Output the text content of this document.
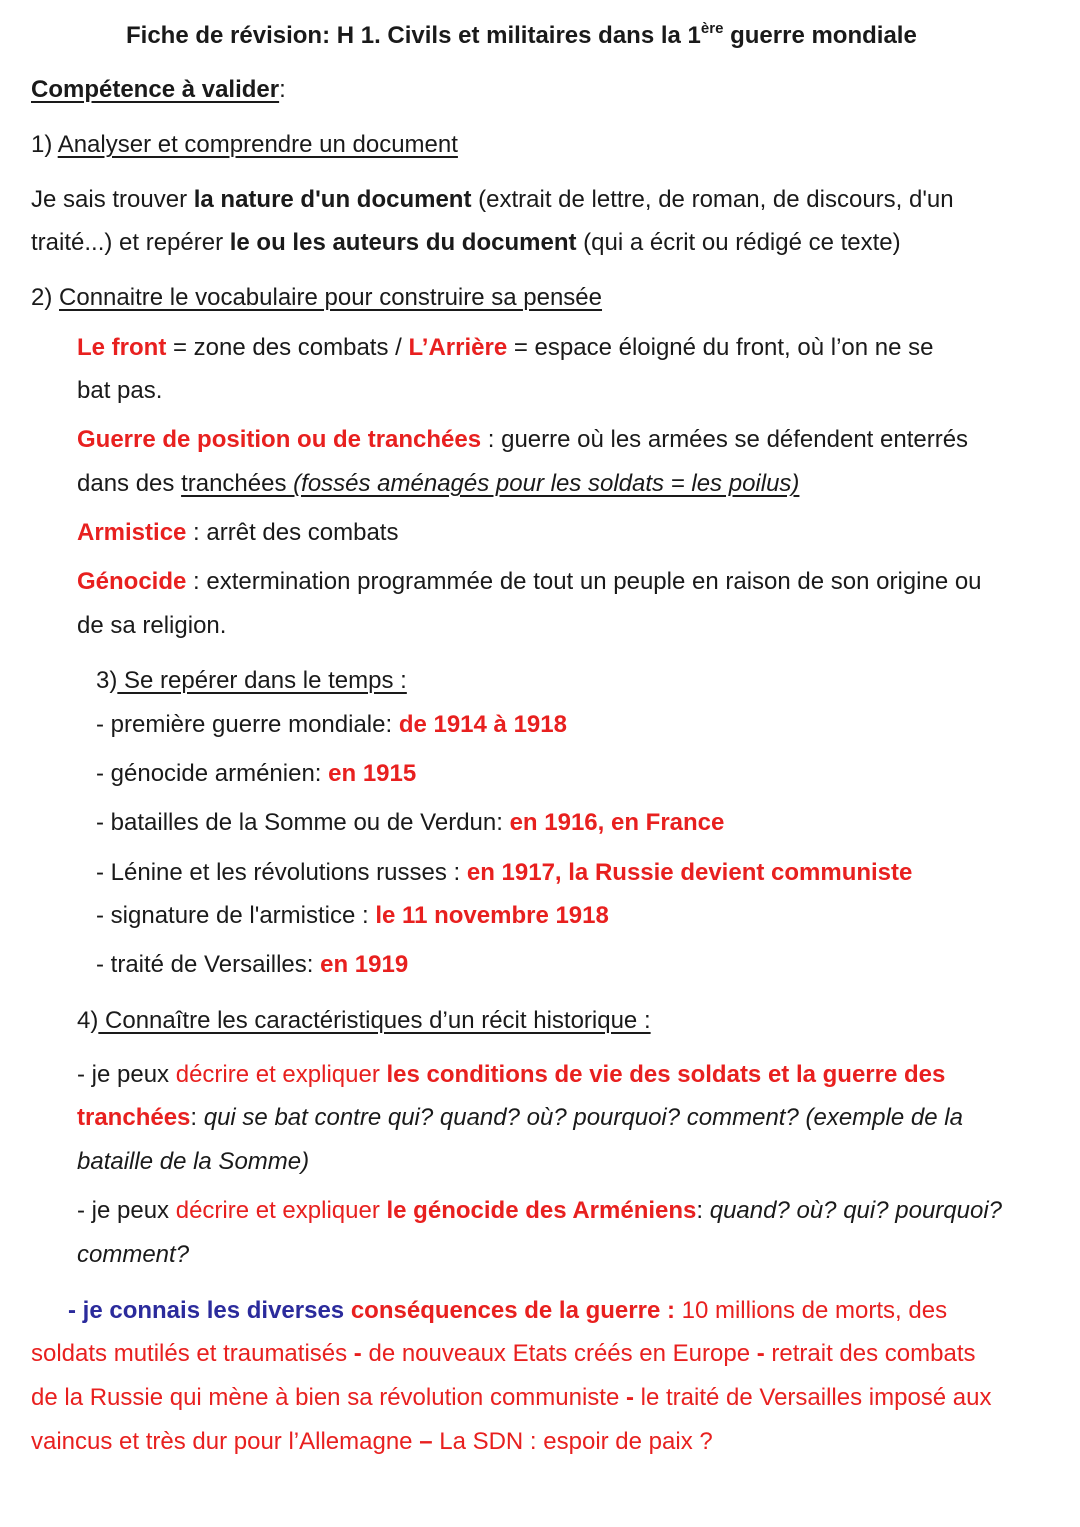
Fiche de révision: H 1. Civils et militaires dans la 1ère guerre mondiale
Compétence à valider:
1) Analyser et comprendre un document
Je sais trouver la nature d'un document (extrait de lettre, de roman, de discours, d'un
traité...) et repérer le ou les auteurs du document (qui a écrit ou rédigé ce texte)
2) Connaitre le vocabulaire pour construire sa pensée
Le front = zone des combats / L’Arrière = espace éloigné du front, où l’on ne se
bat pas.
Guerre de position ou de tranchées : guerre où les armées se défendent enterrés
dans des tranchées (fossés aménagés pour les soldats = les poilus)
Armistice : arrêt des combats
Génocide : extermination programmée de tout un peuple en raison de son origine ou
de sa religion.
3) Se repérer dans le temps :
- première guerre mondiale: de 1914 à 1918
- génocide arménien: en 1915
- batailles de la Somme ou de Verdun: en 1916, en France
- Lénine et les révolutions russes : en 1917, la Russie devient communiste
- signature de l'armistice : le 11 novembre 1918
- traité de Versailles: en 1919
4) Connaître les caractéristiques d’un récit historique :
- je peux décrire et expliquer les conditions de vie des soldats et la guerre des
tranchées: qui se bat contre qui? quand? où? pourquoi? comment? (exemple de la
bataille de la Somme)
- je peux décrire et expliquer le génocide des Arméniens: quand? où? qui? pourquoi?
comment?
- je connais les diverses conséquences de la guerre : 10 millions de morts, des
soldats mutilés et traumatisés - de nouveaux Etats créés en Europe - retrait des combats
de la Russie qui mène à bien sa révolution communiste - le traité de Versailles imposé aux
vaincus et très dur pour l’Allemagne – La SDN : espoir de paix ?
